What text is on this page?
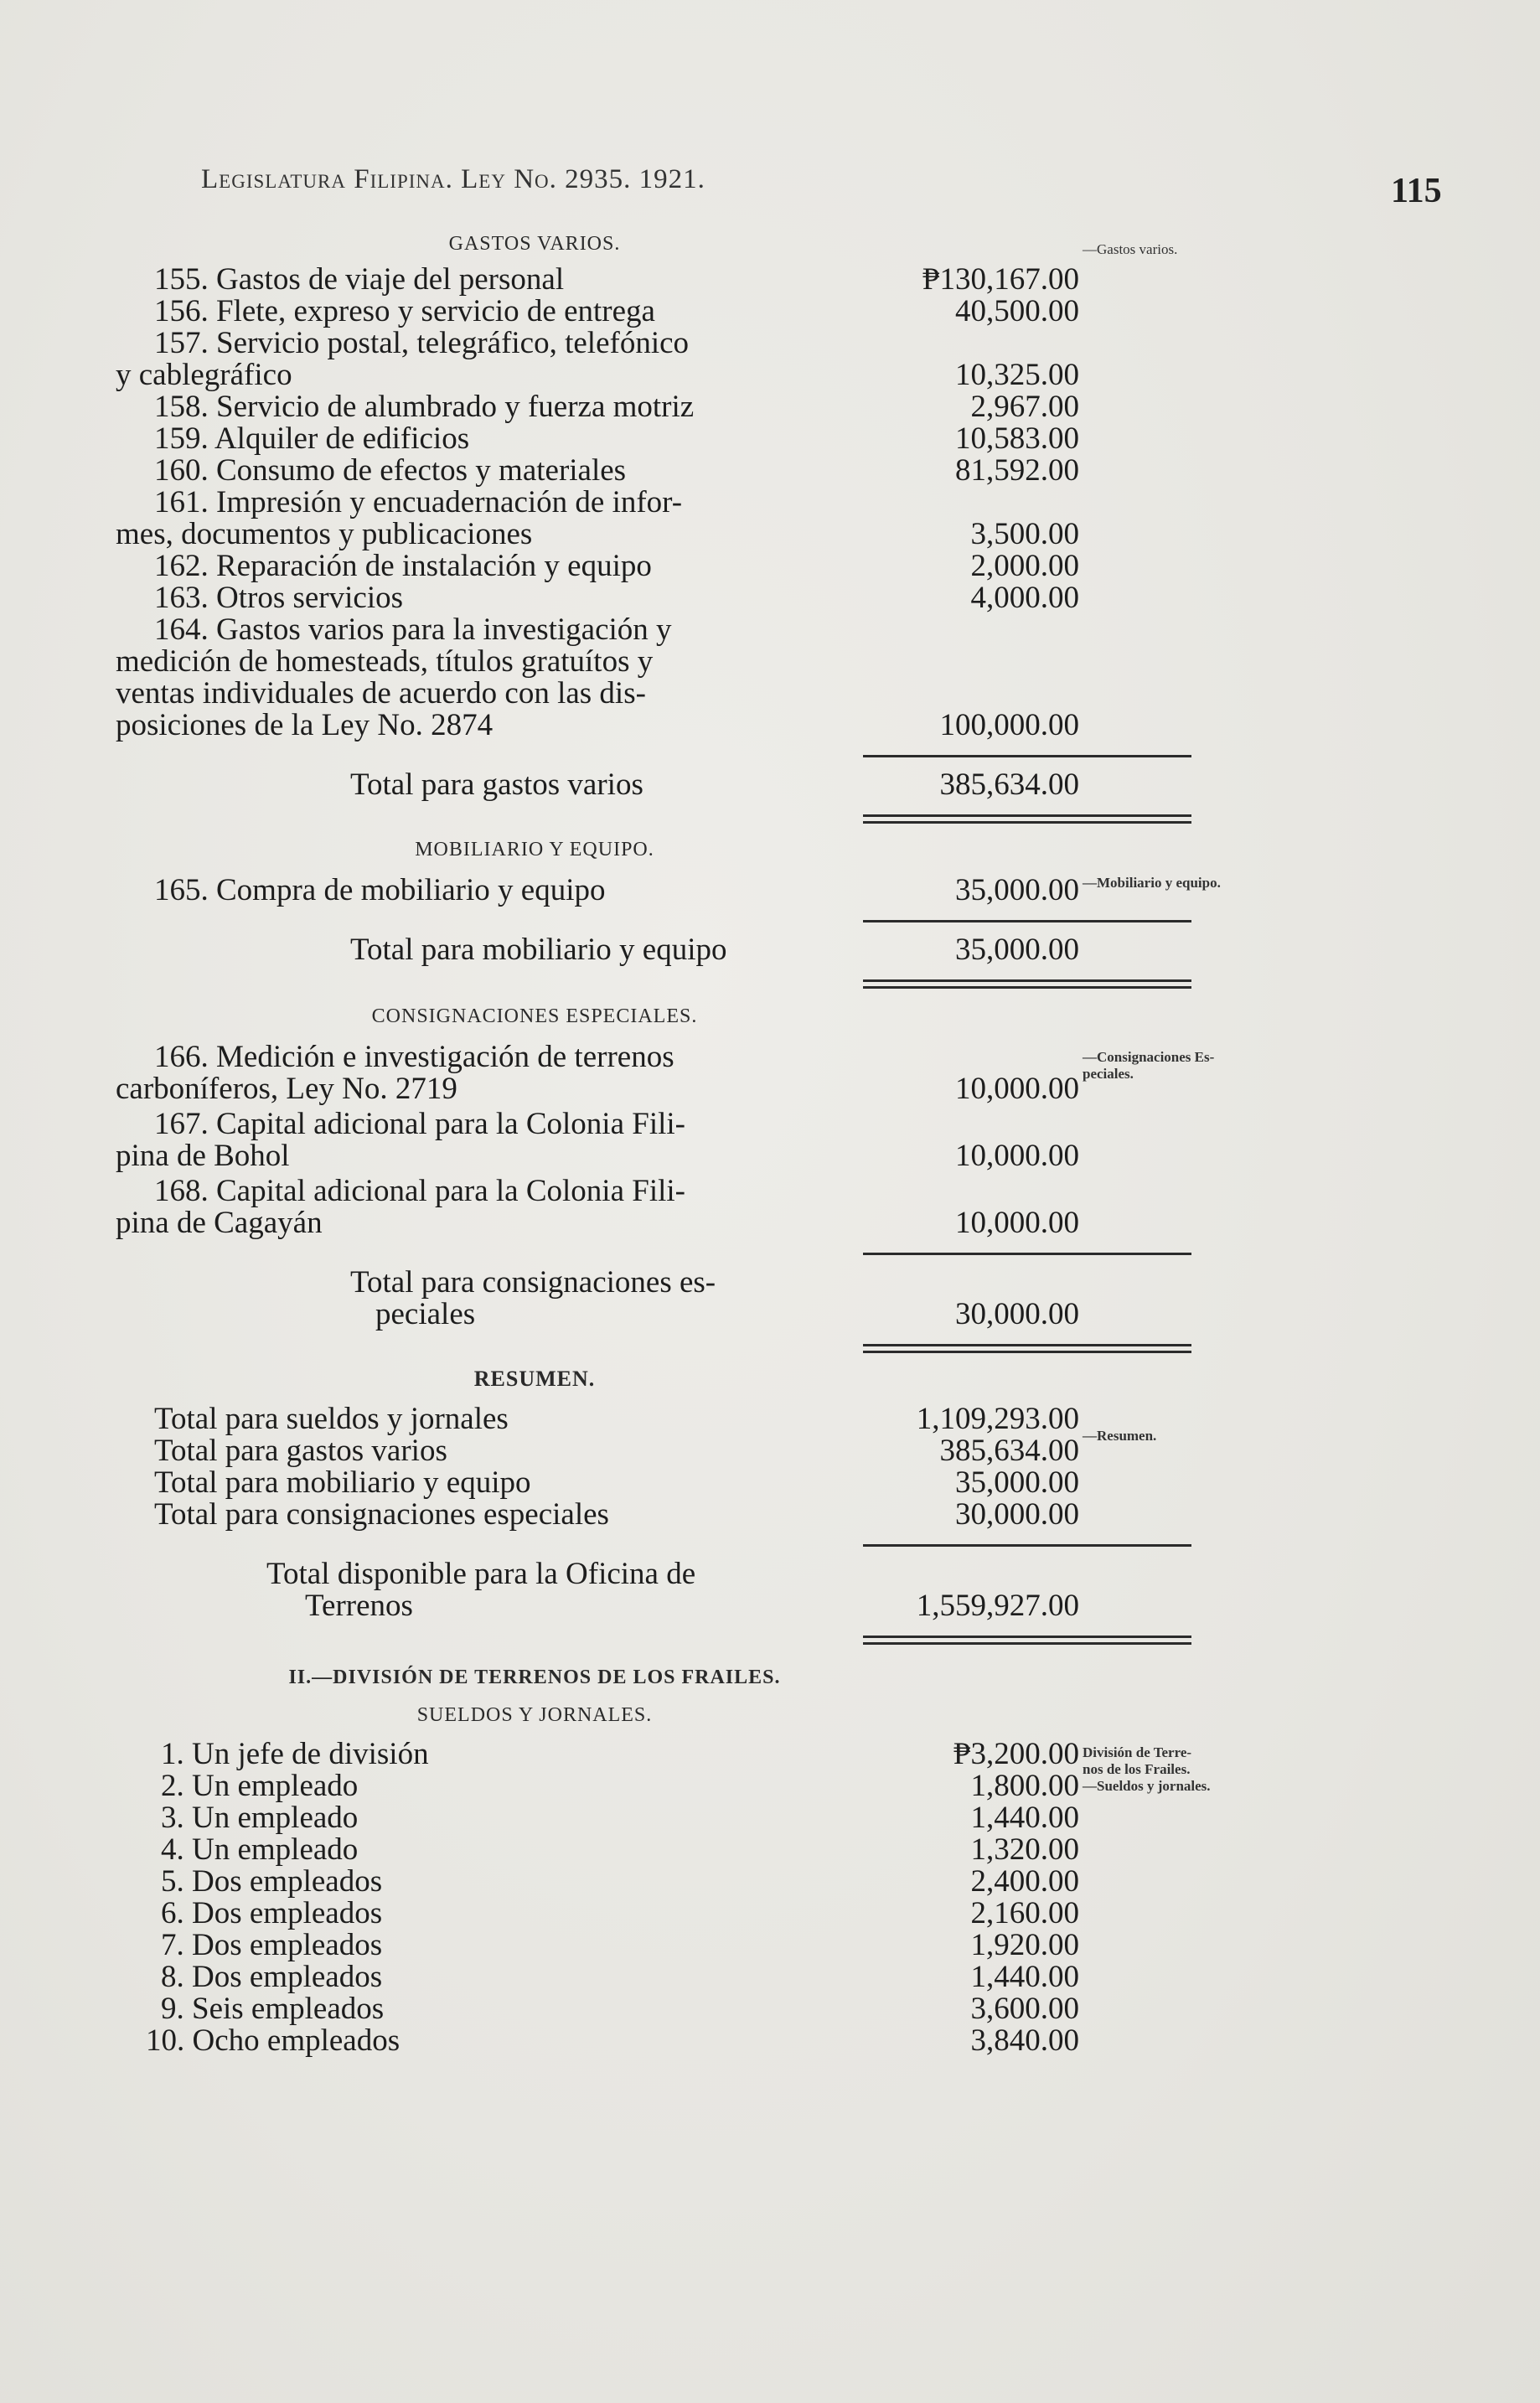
Legislatura Filipina. Ley No. 2935. 1921.	115
—Gastos varios.
—Mobiliario y equipo.
—Consignaciones Es-
peciales.
—Resumen.
División de Terre-
nos de los Frailes.
—Sueldos y jornales.

GASTOS VARIOS.

155. Gastos de viaje del personal	₱130,167.00
156. Flete, expreso y servicio de entrega	40,500.00
157. Servicio postal, telegráfico, telefónico
y cablegráfico	10,325.00
158. Servicio de alumbrado y fuerza motriz	2,967.00
159. Alquiler de edificios	10,583.00
160. Consumo de efectos y materiales	81,592.00
161. Impresión y encuadernación de infor-
mes, documentos y publicaciones	3,500.00
162. Reparación de instalación y equipo	2,000.00
163. Otros servicios	4,000.00
164. Gastos varios para la investigación y
medición de homesteads, títulos gratuítos y
ventas individuales de acuerdo con las dis-
posiciones de la Ley No. 2874	100,000.00
Total para gastos varios	385,634.00

MOBILIARIO Y EQUIPO.

165. Compra de mobiliario y equipo	35,000.00
Total para mobiliario y equipo	35,000.00

CONSIGNACIONES ESPECIALES.

166. Medición e investigación de terrenos
carboníferos, Ley No. 2719	10,000.00
167. Capital adicional para la Colonia Fili-
pina de Bohol	10,000.00
168. Capital adicional para la Colonia Fili-
pina de Cagayán	10,000.00
Total para consignaciones es-
peciales	30,000.00

RESUMEN.

Total para sueldos y jornales	1,109,293.00
Total para gastos varios	385,634.00
Total para mobiliario y equipo	35,000.00
Total para consignaciones especiales	30,000.00
Total disponible para la Oficina de
Terrenos	1,559,927.00

II.—DIVISIÓN DE TERRENOS DE LOS FRAILES.

SUELDOS Y JORNALES.

1. Un jefe de división	₱3,200.00
2. Un empleado	1,800.00
3. Un empleado	1,440.00
4. Un empleado	1,320.00
5. Dos empleados	2,400.00
6. Dos empleados	2,160.00
7. Dos empleados	1,920.00
8. Dos empleados	1,440.00
9. Seis empleados	3,600.00
10. Ocho empleados	3,840.00
